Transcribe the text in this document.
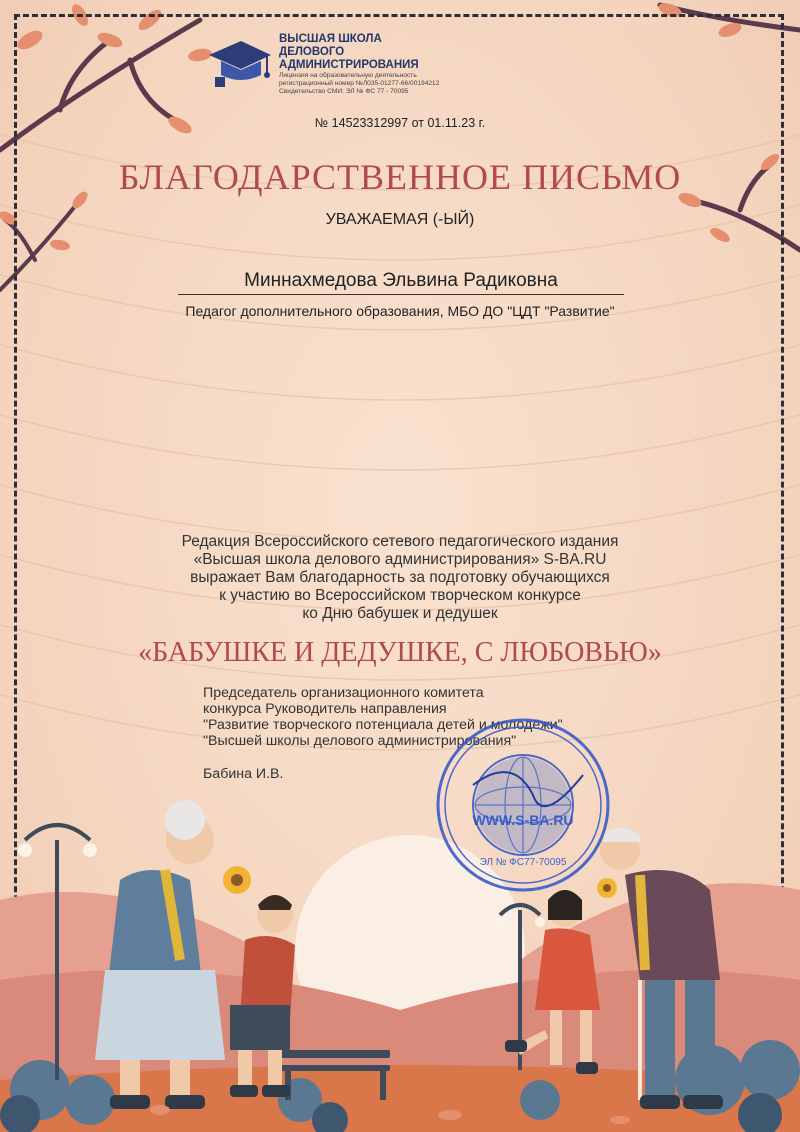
ВЫСШАЯ ШКОЛА
ДЕЛОВОГО АДМИНИСТРИРОВАНИЯ
Лицензия на образовательную деятельность
регистрационный номер №Л035-01277-66/00194212
Свидетельство СМИ: ЭЛ № ФС 77 - 70095
№ 14523312997 от 01.11.23 г.
БЛАГОДАРСТВЕННОЕ ПИСЬМО
УВАЖАЕМАЯ (-ЫЙ)
Миннахмедова Эльвина Радиковна
Педагог дополнительного образования, МБО ДО "ЦДТ "Развитие"
Редакция Всероссийского сетевого педагогического издания
«Высшая школа делового администрирования» S-BA.RU
выражает Вам благодарность за подготовку обучающихся
к участию во Всероссийском творческом конкурсе
ко Дню бабушек и дедушек
«БАБУШКЕ И ДЕДУШКЕ, С ЛЮБОВЬЮ»
Председатель организационного комитета
конкурса Руководитель направления
"Развитие творческого потенциала детей и молодёжи"
"Высшей школы делового администрирования"
Бабина И.В.
WWW.S-BA.RU
ЭЛ № ФС77-70095
